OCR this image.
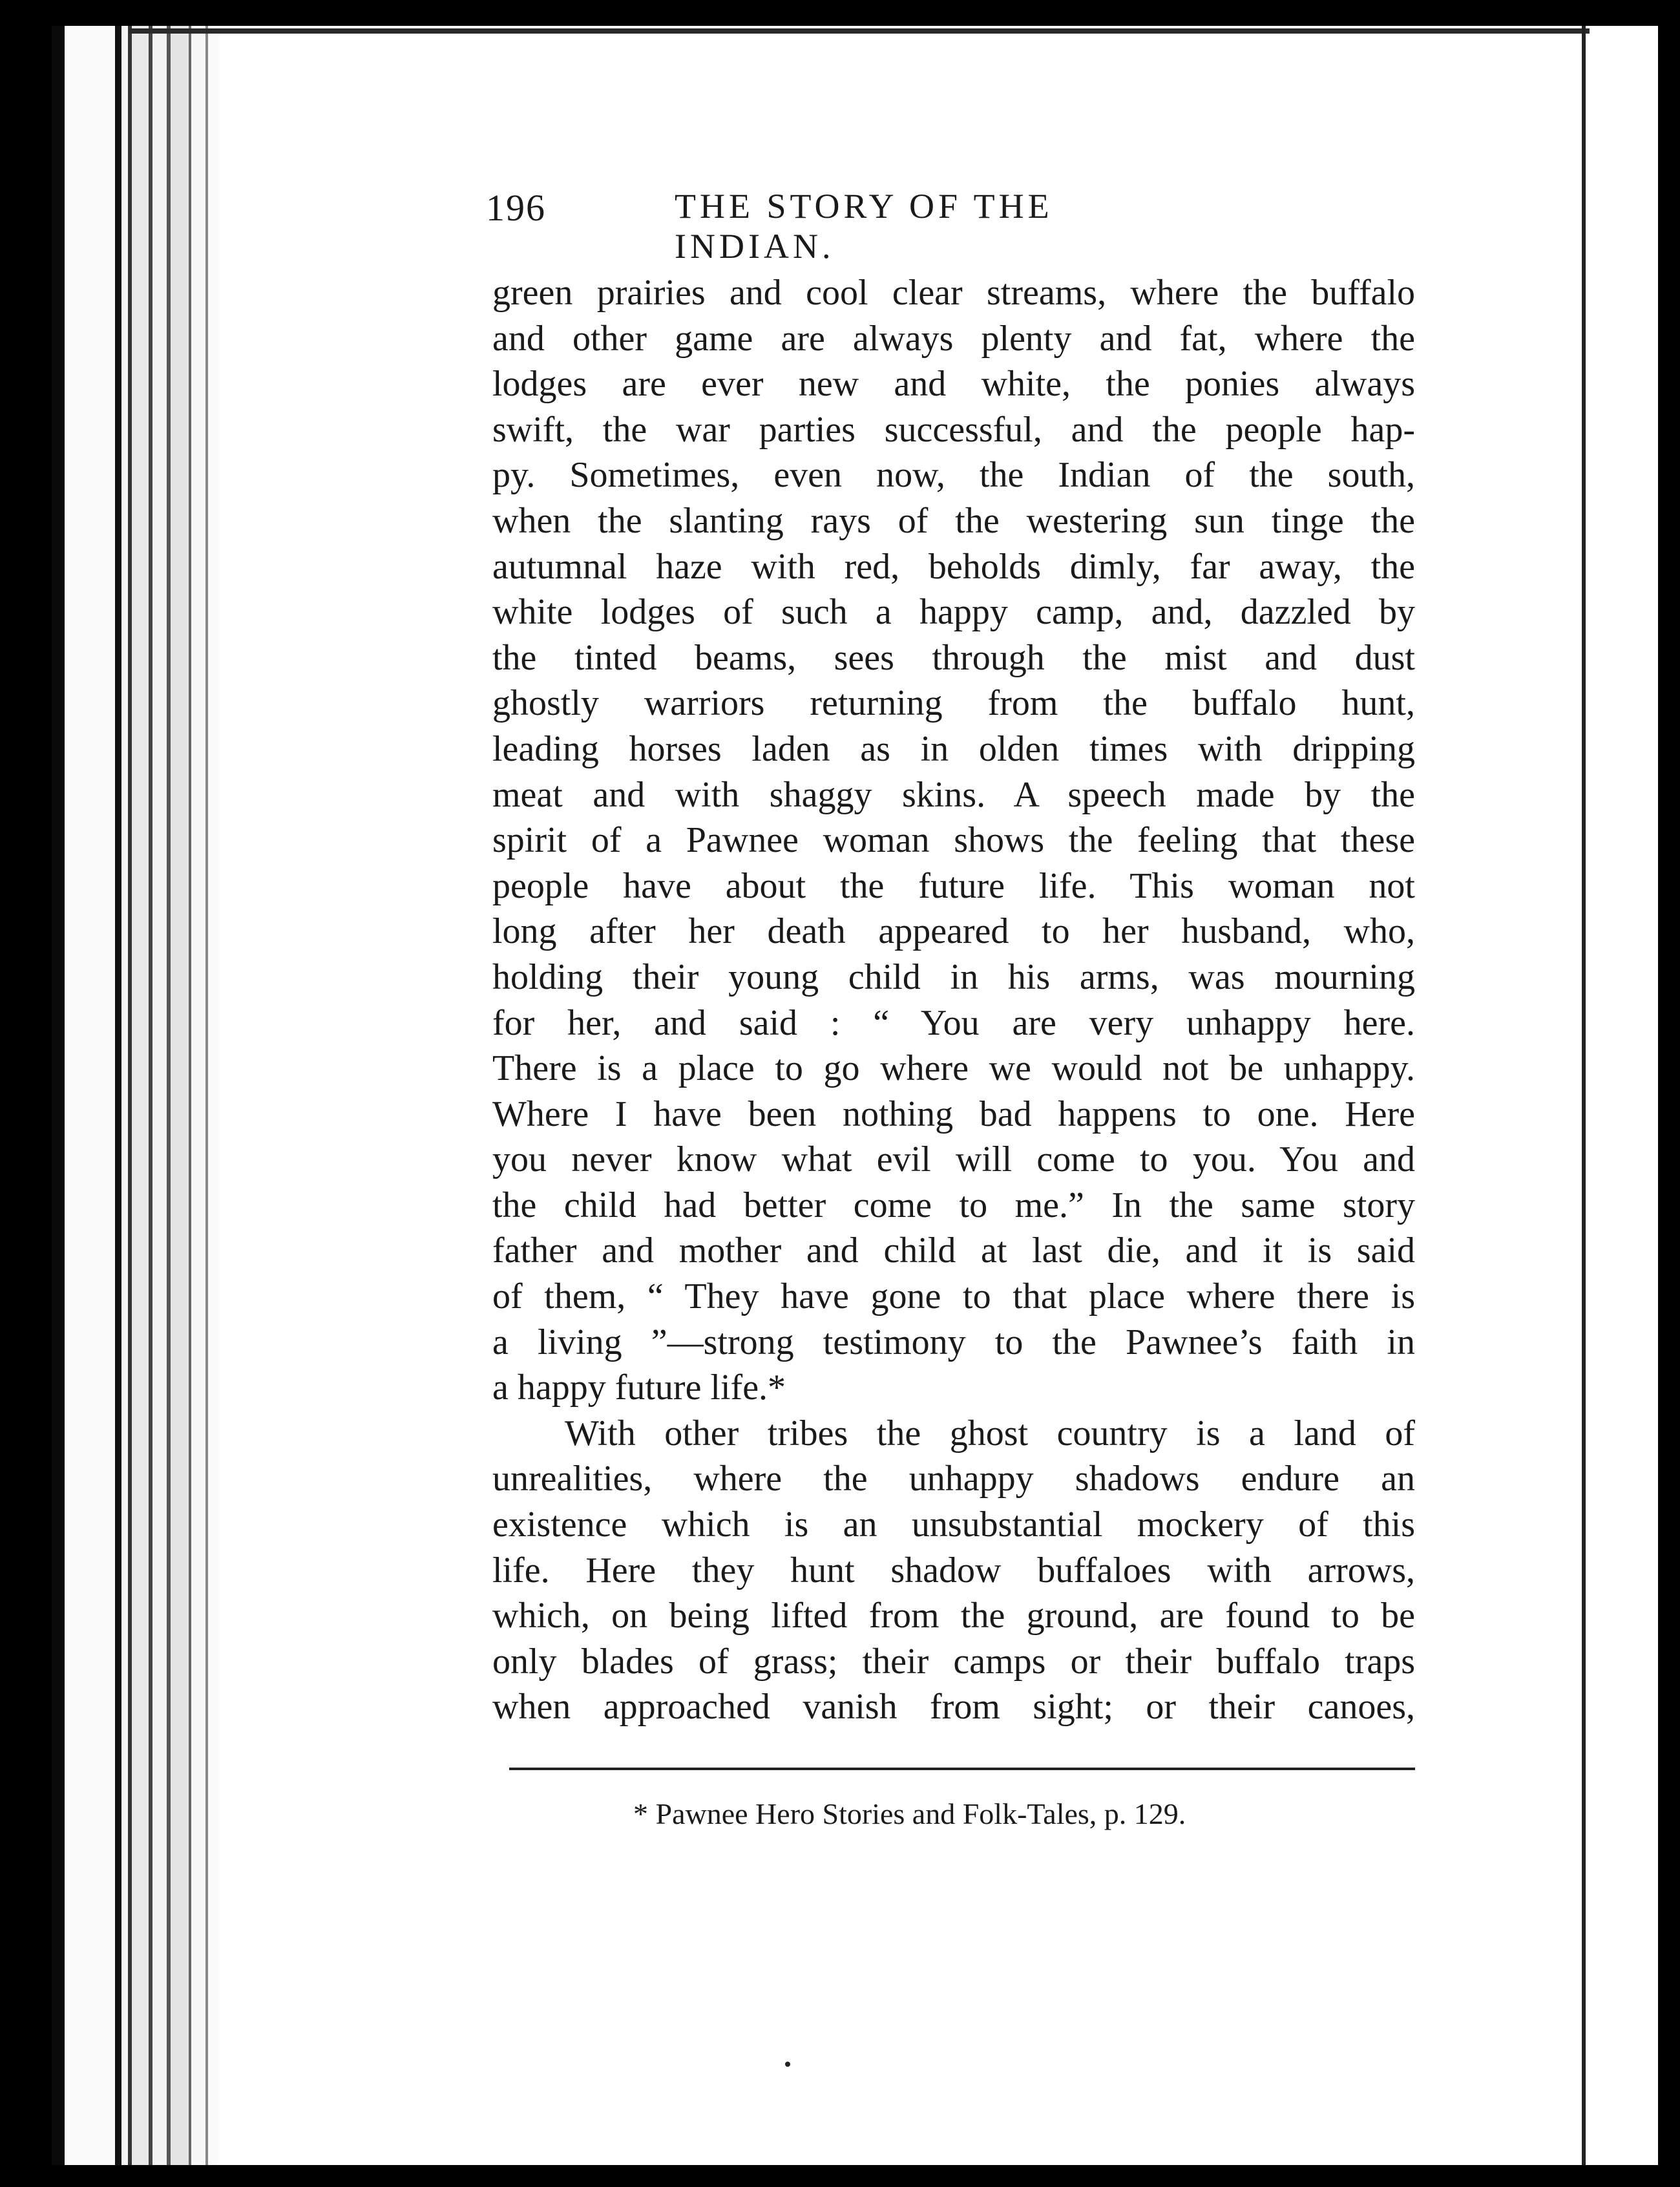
196	THE STORY OF THE INDIAN.
green prairies and cool clear streams, where the buffalo
and other game are always plenty and fat, where the
lodges are ever new and white, the ponies always
swift, the war parties successful, and the people hap-
py. Sometimes, even now, the Indian of the south,
when the slanting rays of the westering sun tinge the
autumnal haze with red, beholds dimly, far away, the
white lodges of such a happy camp, and, dazzled by
the tinted beams, sees through the mist and dust
ghostly warriors returning from the buffalo hunt,
leading horses laden as in olden times with dripping
meat and with shaggy skins. A speech made by the
spirit of a Pawnee woman shows the feeling that these
people have about the future life. This woman not
long after her death appeared to her husband, who,
holding their young child in his arms, was mourning
for her, and said : “ You are very unhappy here.
There is a place to go where we would not be unhappy.
Where I have been nothing bad happens to one. Here
you never know what evil will come to you. You and
the child had better come to me.” In the same story
father and mother and child at last die, and it is said
of them, “ They have gone to that place where there is
a living ”—strong testimony to the Pawnee’s faith in
a happy future life.*
With other tribes the ghost country is a land of
unrealities, where the unhappy shadows endure an
existence which is an unsubstantial mockery of this
life. Here they hunt shadow buffaloes with arrows,
which, on being lifted from the ground, are found to be
only blades of grass; their camps or their buffalo traps
when approached vanish from sight; or their canoes,
* Pawnee Hero Stories and Folk-Tales, p. 129.
